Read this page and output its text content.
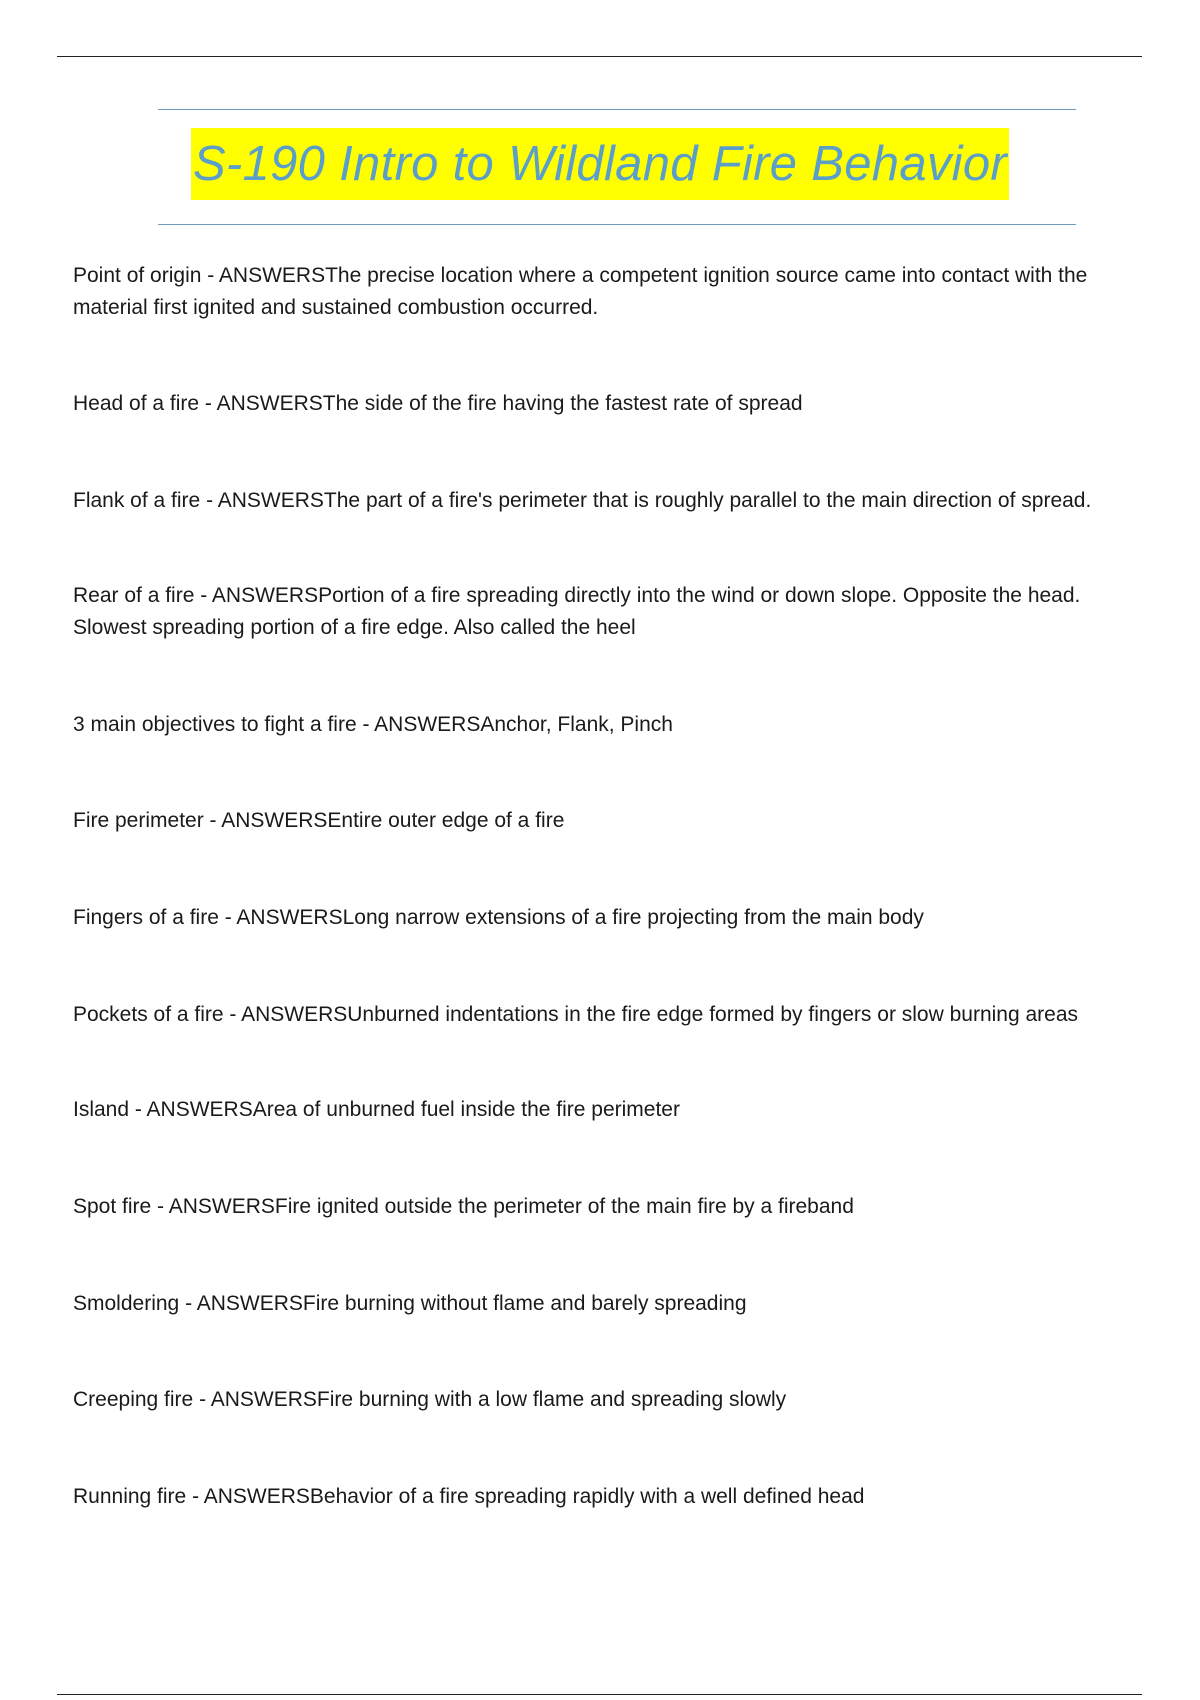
S-190 Intro to Wildland Fire Behavior

Point of origin - ANSWERSThe precise location where a competent ignition source came into contact with the material first ignited and sustained combustion occurred.

Head of a fire - ANSWERSThe side of the fire having the fastest rate of spread

Flank of a fire - ANSWERSThe part of a fire's perimeter that is roughly parallel to the main direction of spread.

Rear of a fire - ANSWERSPortion of a fire spreading directly into the wind or down slope. Opposite the head. Slowest spreading portion of a fire edge. Also called the heel

3 main objectives to fight a fire - ANSWERSAnchor, Flank, Pinch

Fire perimeter - ANSWERSEntire outer edge of a fire

Fingers of a fire - ANSWERSLong narrow extensions of a fire projecting from the main body

Pockets of a fire - ANSWERSUnburned indentations in the fire edge formed by fingers or slow burning areas

Island - ANSWERSArea of unburned fuel inside the fire perimeter

Spot fire - ANSWERSFire ignited outside the perimeter of the main fire by a fireband

Smoldering - ANSWERSFire burning without flame and barely spreading

Creeping fire - ANSWERSFire burning with a low flame and spreading slowly

Running fire - ANSWERSBehavior of a fire spreading rapidly with a well defined head
